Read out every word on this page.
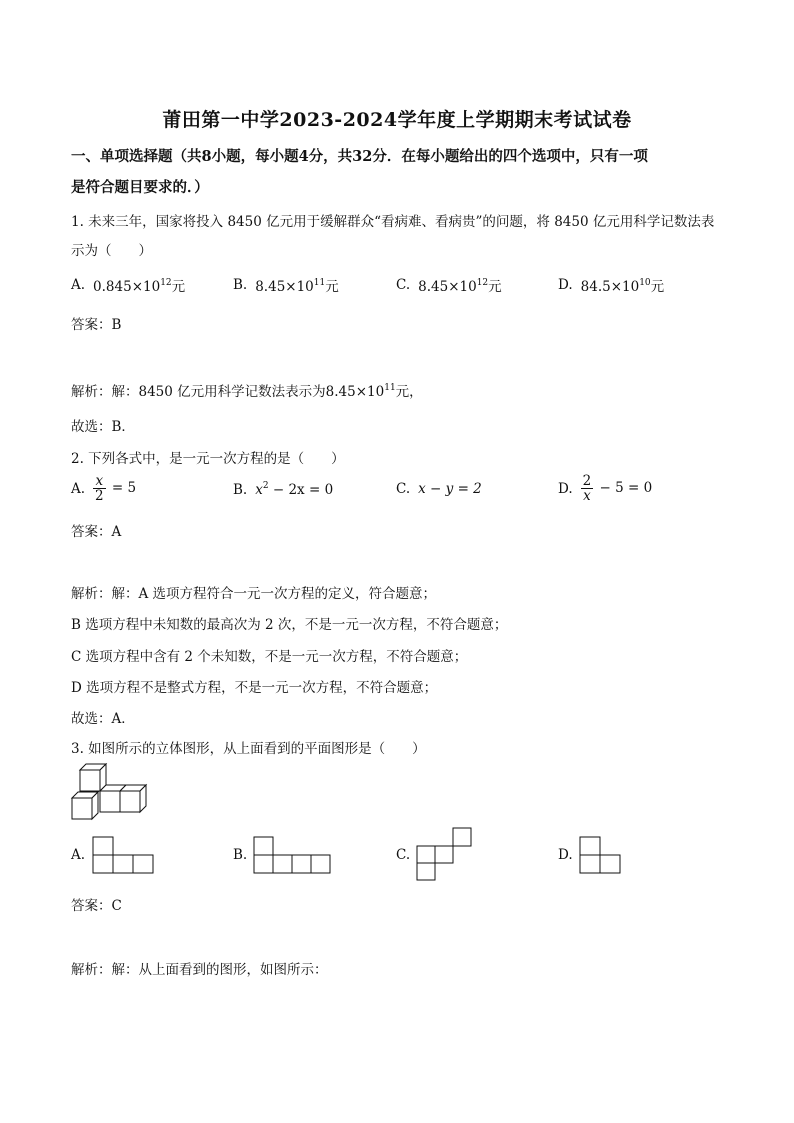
莆田第一中学2023-2024学年度上学期期末考试试卷
一、单项选择题（共8小题，每小题4分，共32分．在每小题给出的四个选项中，只有一项
是符合题目要求的．）
1. 未来三年，国家将投入 8450 亿元用于缓解群众“看病难、看病贵”的问题，将 8450 亿元用科学记数法表
示为（　　）
A. $0.845\times 10^{12}$元	B. $8.45\times 10^{11}$元	C. $8.45\times 10^{12}$元	D. $84.5\times 10^{10}$元
答案：B
解析：解：8450 亿元用科学记数法表示为$8.45\times 10^{11}$元，
故选：B．
2. 下列各式中，是一元一次方程的是（　　）
A. $\frac{x}{2} = 5$	B. $x^2 - 2x = 0$	C. x − y = 2	D. $\frac{2}{x} - 5 = 0$
答案：A
解析：解：A 选项方程符合一元一次方程的定义，符合题意；
B 选项方程中未知数的最高次为 2 次，不是一元一次方程，不符合题意；
C 选项方程中含有 2 个未知数，不是一元一次方程，不符合题意；
D 选项方程不是整式方程，不是一元一次方程，不符合题意；
故选：A．
3. 如图所示的立体图形，从上面看到的平面图形是（　　）
A.	B.	C.	D.
答案：C
解析：解：从上面看到的图形，如图所示：
